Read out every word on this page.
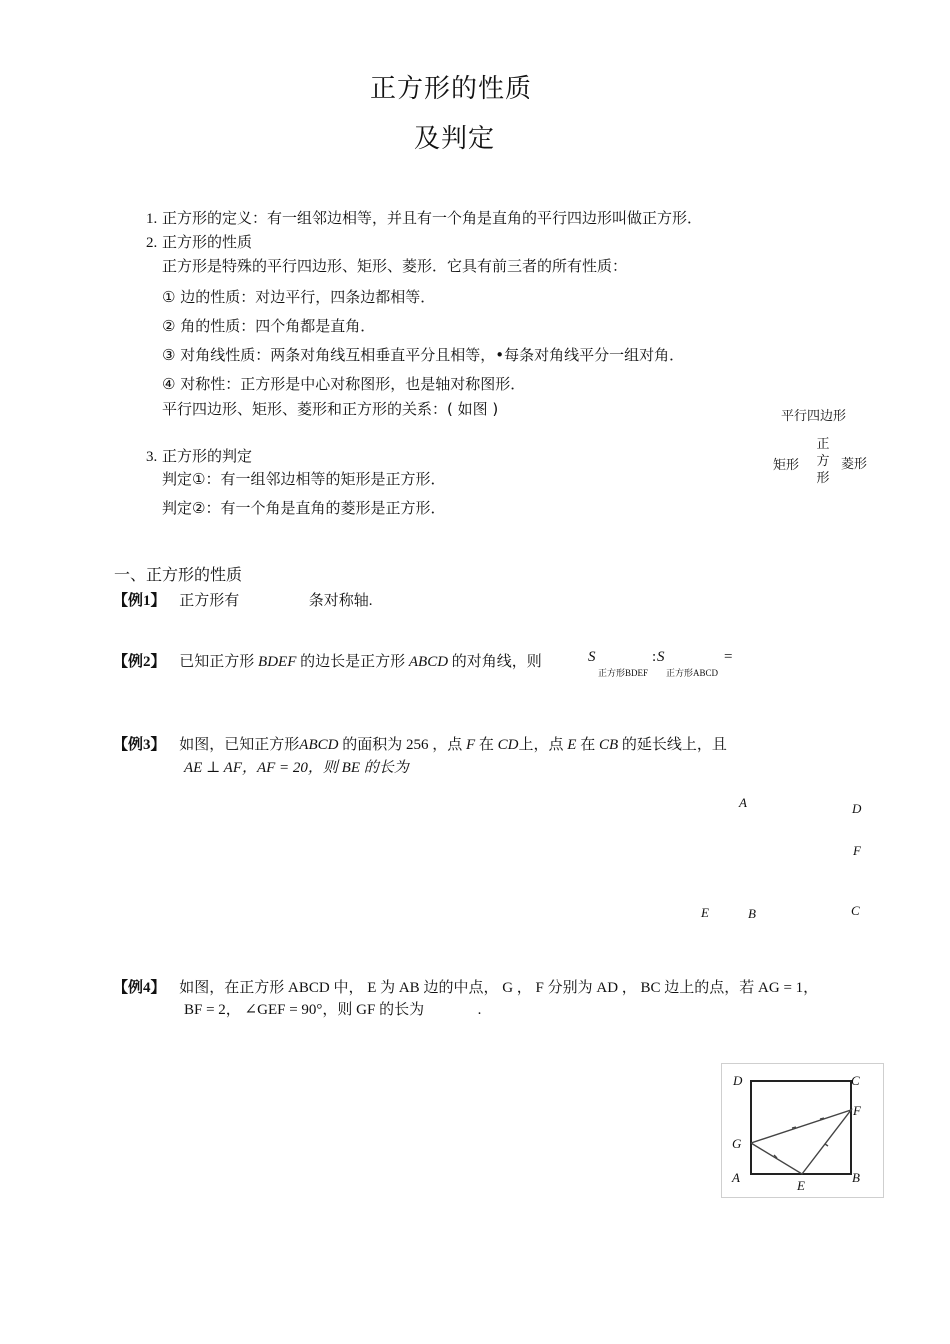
正方形的性质
及判定
1. 正方形的定义：有一组邻边相等，并且有一个角是直角的平行四边形叫做正方形．
2. 正方形的性质
正方形是特殊的平行四边形、矩形、菱形．它具有前三者的所有性质：
① 边的性质：对边平行，四条边都相等．
② 角的性质：四个角都是直角．
③ 对角线性质：两条对角线互相垂直平分且相等，•每条对角线平分一组对角．
④ 对称性：正方形是中心对称图形，也是轴对称图形．
平行四边形、矩形、菱形和正方形的关系：( 如图 )	平行四边形
矩形	菱形
正
方
形
3. 正方形的判定
判定①：有一组邻边相等的矩形是正方形．
判定②：有一个角是直角的菱形是正方形．
一、正方形的性质
【例1】 正方形有	条对称轴.
【例2】 已知正方形 BDEF 的边长是正方形 ABCD 的对角线，则	S
正方形BDEF
: S
正方形ABCD
=
【例3】 如图，已知正方形ABCD 的面积为 256 ，点 F 在 CD上，点 E 在 CB 的延长线上，且
AE ⊥ AF，AF = 20，则 BE 的长为
A	D
F
E	B	C
【例4】 如图，在正方形 ABCD 中， E 为 AB 边的中点， G ， F 分别为 AD ， BC 边上的点，若 AG = 1，
BF = 2， ∠GEF = 90°，则 GF 的长为	.
D	C
F
G
A
E
B
